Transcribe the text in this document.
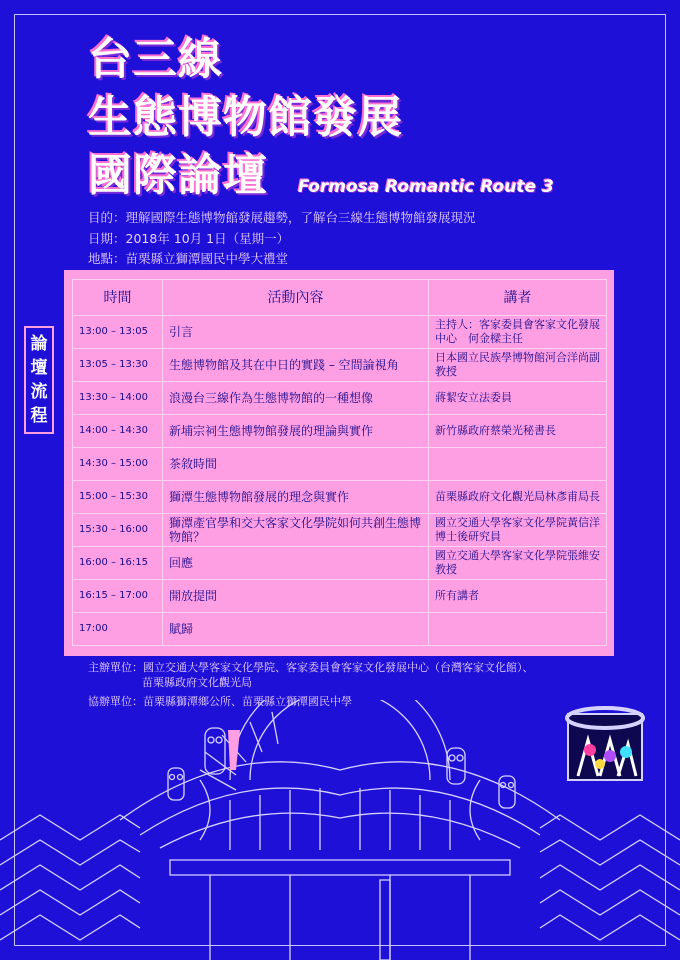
台三線
生態博物館發展
國際論壇 Formosa Romantic Route 3
目的：理解國際生態博物館發展趨勢，了解台三線生態博物館發展現況
日期：2018年 10月 1日（星期一）
地點：苗栗縣立獅潭國民中學大禮堂
論
壇
流
程
時間	活動內容	講者
13:00 – 13:05	引言	主持人：客家委員會客家文化發展中心　何金樑主任
13:05 – 13:30	生態博物館及其在中日的實踐 – 空間論視角	日本國立民族學博物館河合洋尚副教授
13:30 – 14:00	浪漫台三線作為生態博物館的一種想像	蔣絜安立法委員
14:00 – 14:30	新埔宗祠生態博物館發展的理論與實作	新竹縣政府蔡榮光秘書長
14:30 – 15:00	茶敘時間	
15:00 – 15:30	獅潭生態博物館發展的理念與實作	苗栗縣政府文化觀光局林彥甫局長
15:30 – 16:00	獅潭產官學和交大客家文化學院如何共創生態博物館？	國立交通大學客家文化學院黃信洋博士後研究員
16:00 – 16:15	回應	國立交通大學客家文化學院張維安教授
16:15 – 17:00	開放提問	所有講者
17:00	賦歸	

主辦單位：國立交通大學客家文化學院、客家委員會客家文化發展中心（台灣客家文化館）、

苗栗縣政府文化觀光局

協辦單位：苗栗縣獅潭鄉公所、苗栗縣立獅潭國民中學
